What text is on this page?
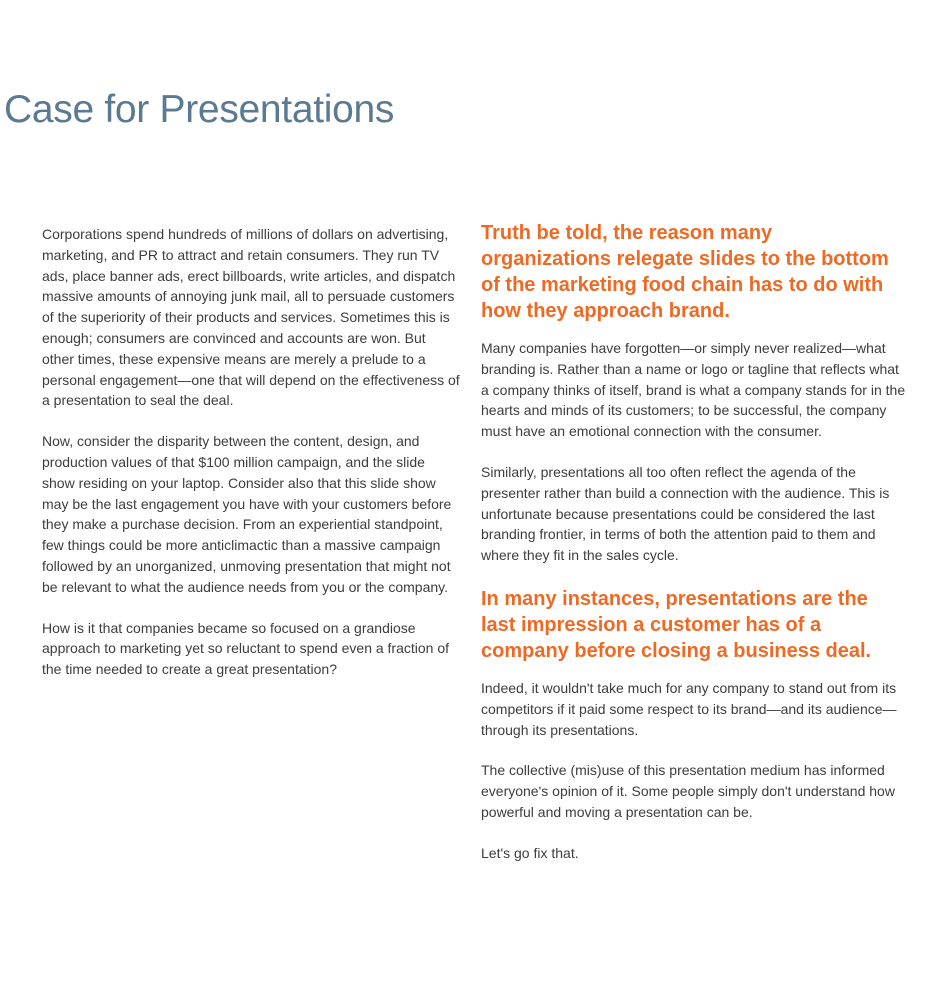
Case for Presentations

Corporations spend hundreds of millions of dollars on advertising, marketing, and PR to attract and retain consumers. They run TV ads, place banner ads, erect billboards, write articles, and dispatch massive amounts of annoying junk mail, all to persuade customers of the superiority of their products and services. Sometimes this is enough; consumers are convinced and accounts are won. But other times, these expensive means are merely a prelude to a personal engagement—one that will depend on the effectiveness of a presentation to seal the deal.

Now, consider the disparity between the content, design, and production values of that $100 million campaign, and the slide show residing on your laptop. Consider also that this slide show may be the last engagement you have with your customers before they make a purchase decision. From an experiential standpoint, few things could be more anticlimactic than a massive campaign followed by an unorganized, unmoving presentation that might not be relevant to what the audience needs from you or the company.

How is it that companies became so focused on a grandiose approach to marketing yet so reluctant to spend even a fraction of the time needed to create a great presentation?

Truth be told, the reason many organizations relegate slides to the bottom of the marketing food chain has to do with how they approach brand.

Many companies have forgotten—or simply never realized—what branding is. Rather than a name or logo or tagline that reflects what a company thinks of itself, brand is what a company stands for in the hearts and minds of its customers; to be successful, the company must have an emotional connection with the consumer.

Similarly, presentations all too often reflect the agenda of the presenter rather than build a connection with the audience. This is unfortunate because presentations could be considered the last branding frontier, in terms of both the attention paid to them and where they fit in the sales cycle.

In many instances, presentations are the last impression a customer has of a company before closing a business deal.

Indeed, it wouldn't take much for any company to stand out from its competitors if it paid some respect to its brand—and its audience—through its presentations.

The collective (mis)use of this presentation medium has informed everyone's opinion of it. Some people simply don't understand how powerful and moving a presentation can be.

Let's go fix that.
